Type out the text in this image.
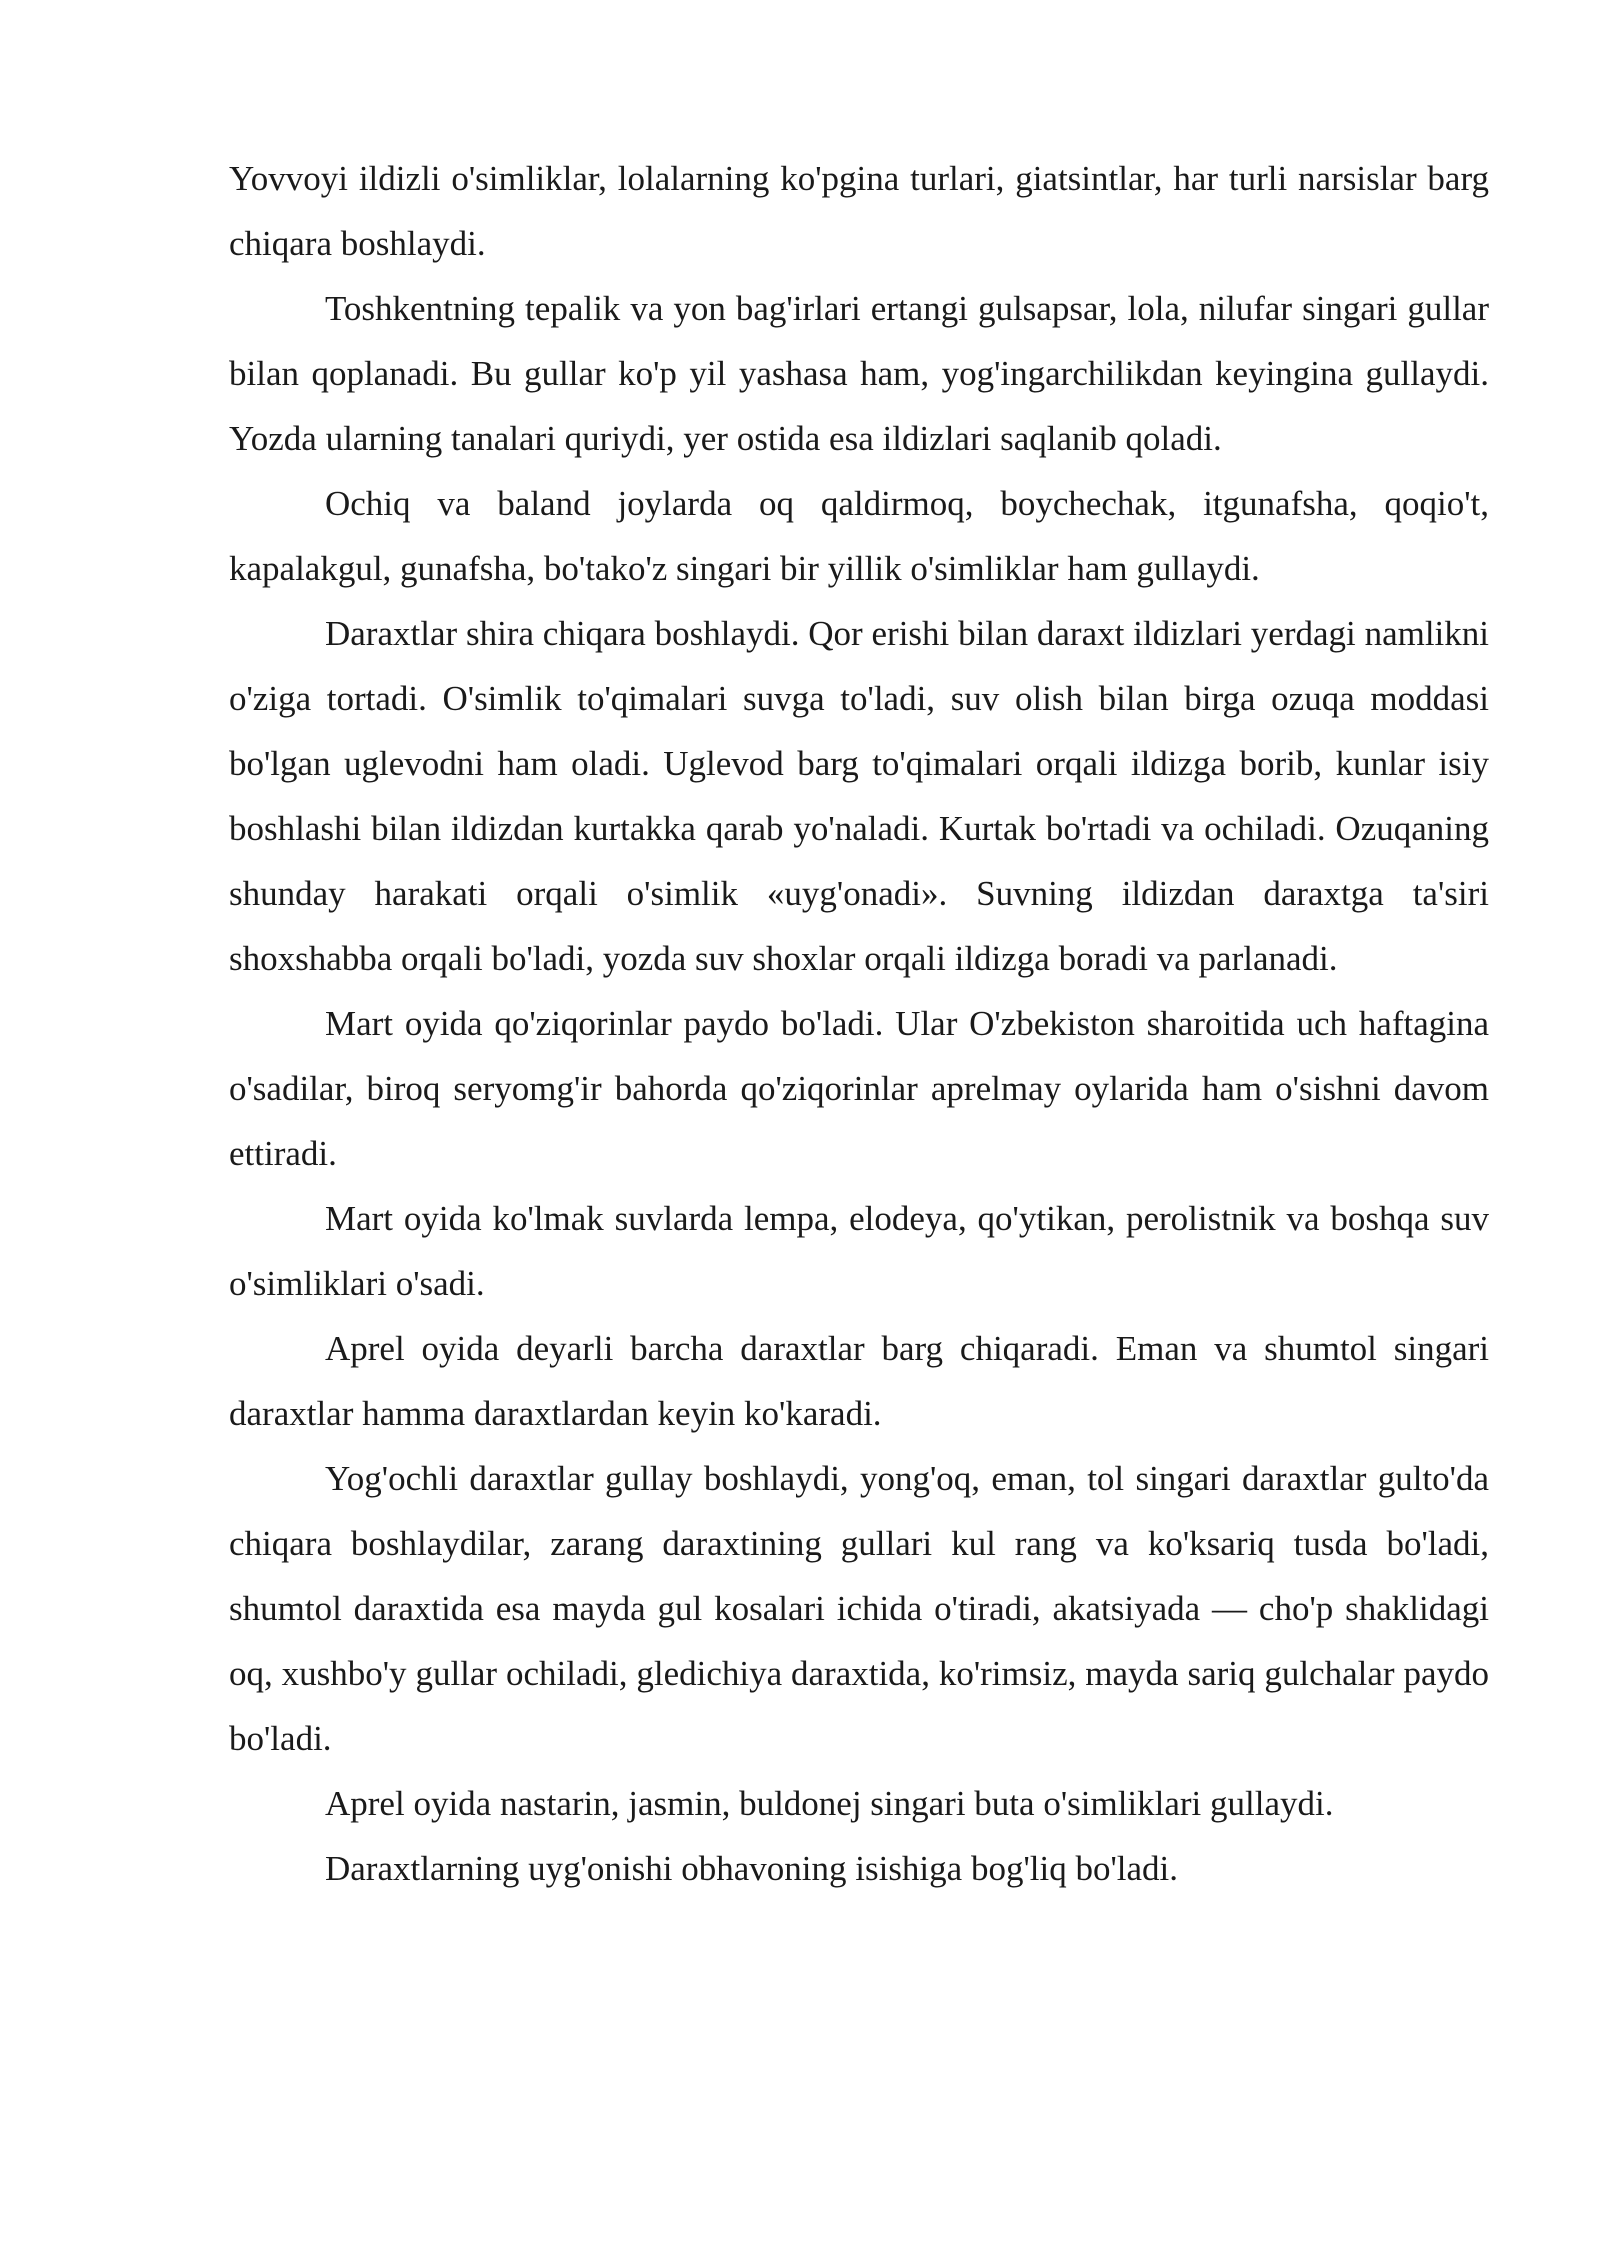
Yovvoyi ildizli o'simliklar, lolalarning ko'pgina turlari, giatsintlar, har turli narsislar barg chiqara boshlaydi.

Toshkentning tepalik va yon bag'irlari ertangi gulsapsar, lola, nilufar singari gullar bilan qoplanadi. Bu gullar ko'p yil yashasa ham, yog'ingarchilikdan keyingina gullaydi. Yozda ularning tanalari quriydi, yer ostida esa ildizlari saqlanib qoladi.

Ochiq va baland joylarda oq qaldirmoq, boychechak, itgunafsha, qoqio't, kapalakgul, gunafsha, bo'tako'z singari bir yillik o'simliklar ham gullaydi.

Daraxtlar shira chiqara boshlaydi. Qor erishi bilan daraxt ildizlari yerdagi namlikni o'ziga tortadi. O'simlik to'qimalari suvga to'ladi, suv olish bilan birga ozuqa moddasi bo'lgan uglevodni ham oladi. Uglevod barg to'qimalari orqali ildizga borib, kunlar isiy boshlashi bilan ildizdan kurtakka qarab yo'naladi. Kurtak bo'rtadi va ochiladi. Ozuqaning shunday harakati orqali o'simlik «uyg'onadi». Suvning ildizdan daraxtga ta'siri shoxshabba orqali bo'ladi, yozda suv shoxlar orqali ildizga boradi va parlanadi.

Mart oyida qo'ziqorinlar paydo bo'ladi. Ular O'zbekiston sharoitida uch haftagina o'sadilar, biroq seryomg'ir bahorda qo'ziqorinlar aprelmay oylarida ham o'sishni davom ettiradi.

Mart oyida ko'lmak suvlarda lempa, elodeya, qo'ytikan, perolistnik va boshqa suv o'simliklari o'sadi.

Aprel oyida deyarli barcha daraxtlar barg chiqaradi. Eman va shumtol singari daraxtlar hamma daraxtlardan keyin ko'karadi.

Yog'ochli daraxtlar gullay boshlaydi, yong'oq, eman, tol singari daraxtlar gulto'da chiqara boshlaydilar, zarang daraxtining gullari kul rang va ko'ksariq tusda bo'ladi, shumtol daraxtida esa mayda gul kosalari ichida o'tiradi, akatsiyada — cho'p shaklidagi oq, xushbo'y gullar ochiladi, gledichiya daraxtida, ko'rimsiz, mayda sariq gulchalar paydo bo'ladi.

Aprel oyida nastarin, jasmin, buldonej singari buta o'simliklari gullaydi.

Daraxtlarning uyg'onishi obhavoning isishiga bog'liq bo'ladi.
